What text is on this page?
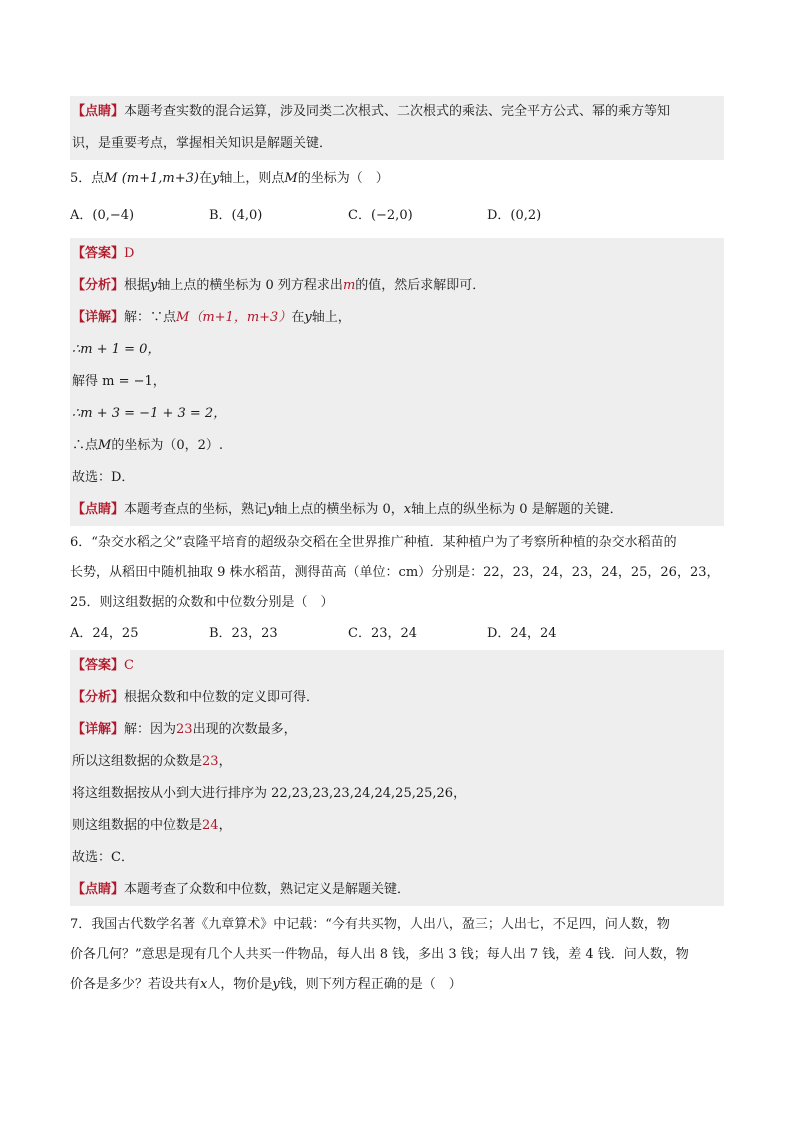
【点睛】本题考查实数的混合运算，涉及同类二次根式、二次根式的乘法、完全平方公式、幂的乘方等知
识，是重要考点，掌握相关知识是解题关键．
5．点M (m+1,m+3)在y轴上，则点M的坐标为（　）
A．(0,−4)	B．(4,0)	C．(−2,0)	D．(0,2)
【答案】D
【分析】根据y轴上点的横坐标为 0 列方程求出m的值，然后求解即可．
【详解】解：∵点M（m+1，m+3）在y轴上，
∴m + 1 = 0，
解得 m = −1，
∴m + 3 = −1 + 3 = 2，
∴点M的坐标为（0，2）.
故选：D．
【点睛】本题考查点的坐标，熟记y轴上点的横坐标为 0，x轴上点的纵坐标为 0 是解题的关键．
6．“杂交水稻之父”袁隆平培育的超级杂交稻在全世界推广种植．某种植户为了考察所种植的杂交水稻苗的
长势，从稻田中随机抽取 9 株水稻苗，测得苗高（单位：cm）分别是：22，23，24，23，24，25，26，23，
25．则这组数据的众数和中位数分别是（　）
A．24，25	B．23，23	C．23，24	D．24，24
【答案】C
【分析】根据众数和中位数的定义即可得．
【详解】解：因为23出现的次数最多，
所以这组数据的众数是23，
将这组数据按从小到大进行排序为 22,23,23,23,24,24,25,25,26，
则这组数据的中位数是24，
故选：C．
【点睛】本题考查了众数和中位数，熟记定义是解题关键．
7．我国古代数学名著《九章算术》中记载：“今有共买物，人出八，盈三；人出七，不足四，问人数，物
价各几何？”意思是现有几个人共买一件物品，每人出 8 钱，多出 3 钱；每人出 7 钱，差 4 钱．问人数，物
价各是多少？若设共有x人，物价是y钱，则下列方程正确的是（　）
